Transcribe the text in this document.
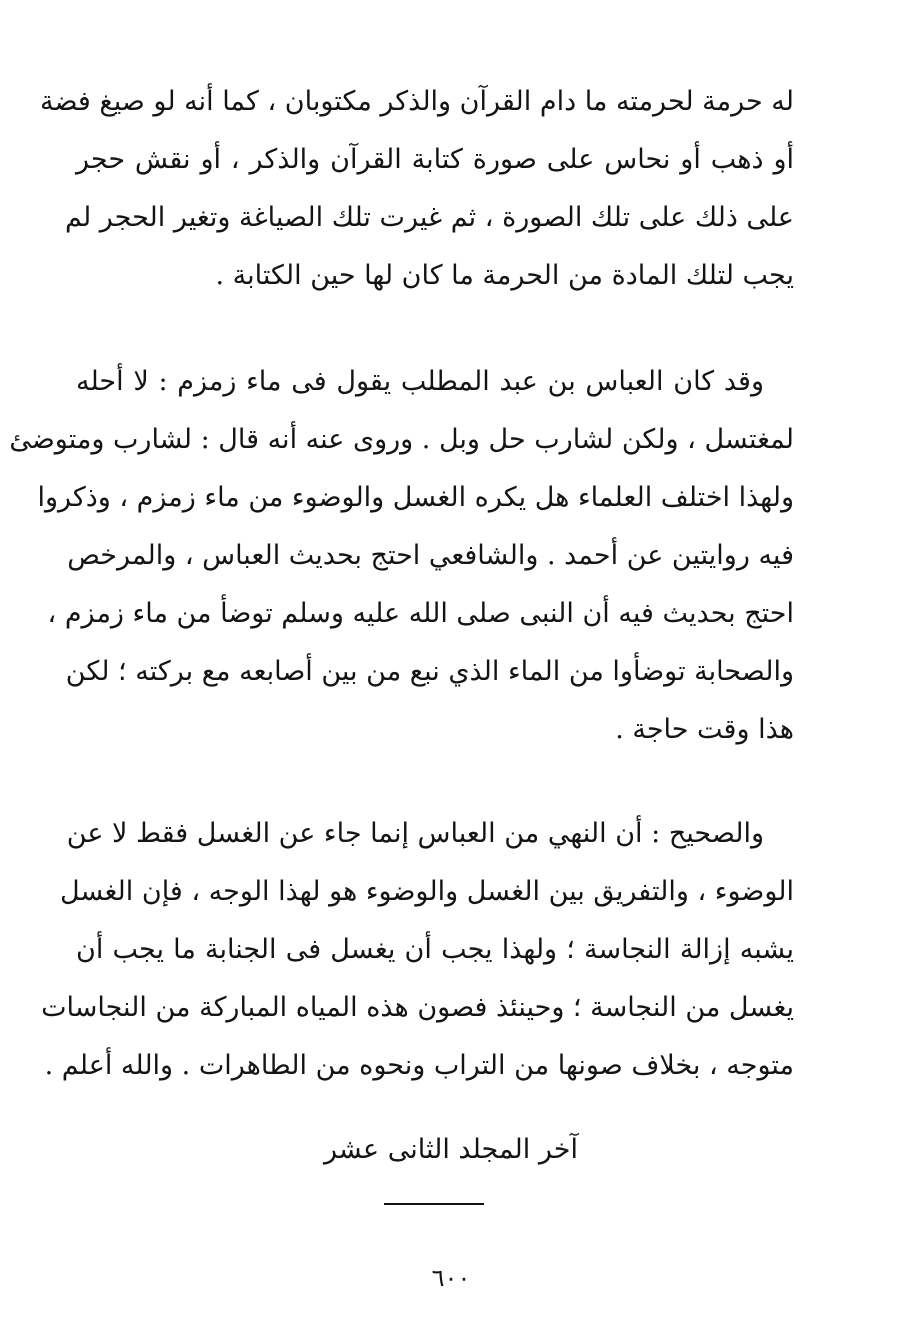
له حرمة لحرمته ما دام القرآن والذكر مكتوبان ، كما أنه لو صيغ فضة
أو ذهب أو نحاس على صورة كتابة القرآن والذكر ، أو نقش حجر
على ذلك على تلك الصورة ، ثم غيرت تلك الصياغة وتغير الحجر لم
يجب لتلك المادة من الحرمة ما كان لها حين الكتابة .
وقد كان العباس بن عبد المطلب يقول فى ماء زمزم : لا أحله
لمغتسل ، ولكن لشارب حل وبل . وروى عنه أنه قال : لشارب ومتوضئ
ولهذا اختلف العلماء هل يكره الغسل والوضوء من ماء زمزم ، وذكروا
فيه روايتين عن أحمد . والشافعي احتج بحديث العباس ، والمرخص
احتج بحديث فيه أن النبى صلى الله عليه وسلم توضأ من ماء زمزم ،
والصحابة توضأوا من الماء الذي نبع من بين أصابعه مع بركته ؛ لكن
هذا وقت حاجة .
والصحيح : أن النهي من العباس إنما جاء عن الغسل فقط لا عن
الوضوء ، والتفريق بين الغسل والوضوء هو لهذا الوجه ، فإن الغسل
يشبه إزالة النجاسة ؛ ولهذا يجب أن يغسل فى الجنابة ما يجب أن
يغسل من النجاسة ؛ وحينئذ فصون هذه المياه المباركة من النجاسات
متوجه ، بخلاف صونها من التراب ونحوه من الطاهرات . والله أعلم .
آخر المجلد الثانى عشر
٦٠٠
